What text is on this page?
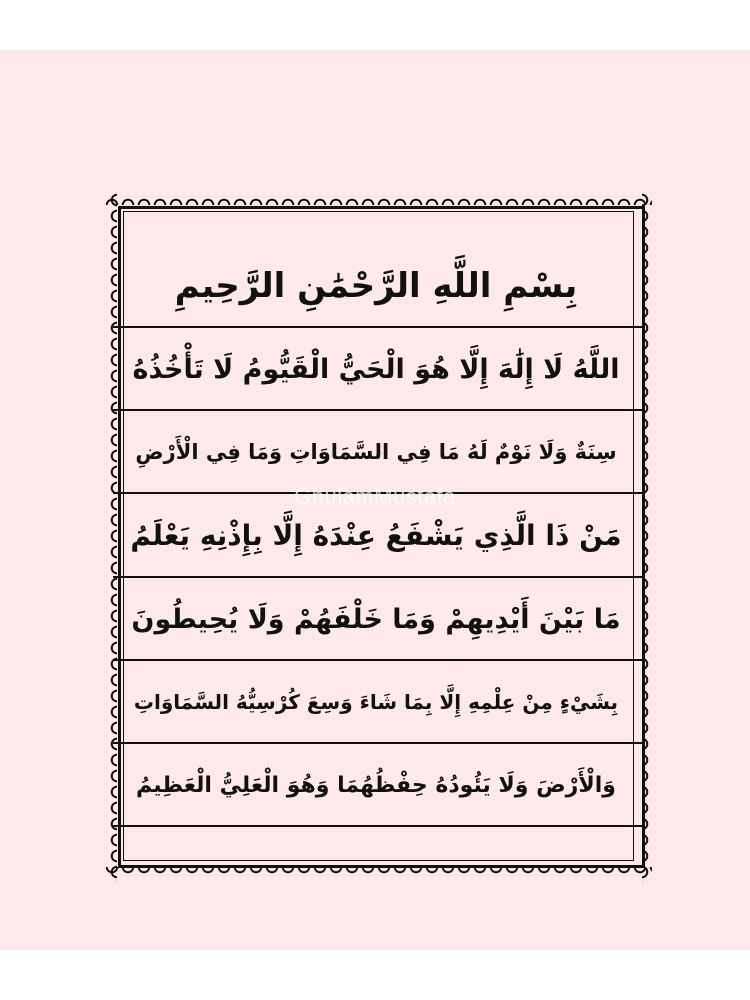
بِسْمِ اللَّهِ الرَّحْمَٰنِ الرَّحِيمِ
اللَّهُ لَا إِلَٰهَ إِلَّا هُوَ الْحَيُّ الْقَيُّومُ لَا تَأْخُذُهُ
سِنَةٌ وَلَا نَوْمٌ لَهُ مَا فِي السَّمَاوَاتِ وَمَا فِي الْأَرْضِ
مَنْ ذَا الَّذِي يَشْفَعُ عِنْدَهُ إِلَّا بِإِذْنِهِ يَعْلَمُ
مَا بَيْنَ أَيْدِيهِمْ وَمَا خَلْفَهُمْ وَلَا يُحِيطُونَ
بِشَيْءٍ مِنْ عِلْمِهِ إِلَّا بِمَا شَاءَ وَسِعَ كُرْسِيُّهُ السَّمَاوَاتِ
وَالْأَرْضَ وَلَا يَئُودُهُ حِفْظُهُمَا وَهُوَ الْعَلِيُّ الْعَظِيمُ
GhulamMustafa
